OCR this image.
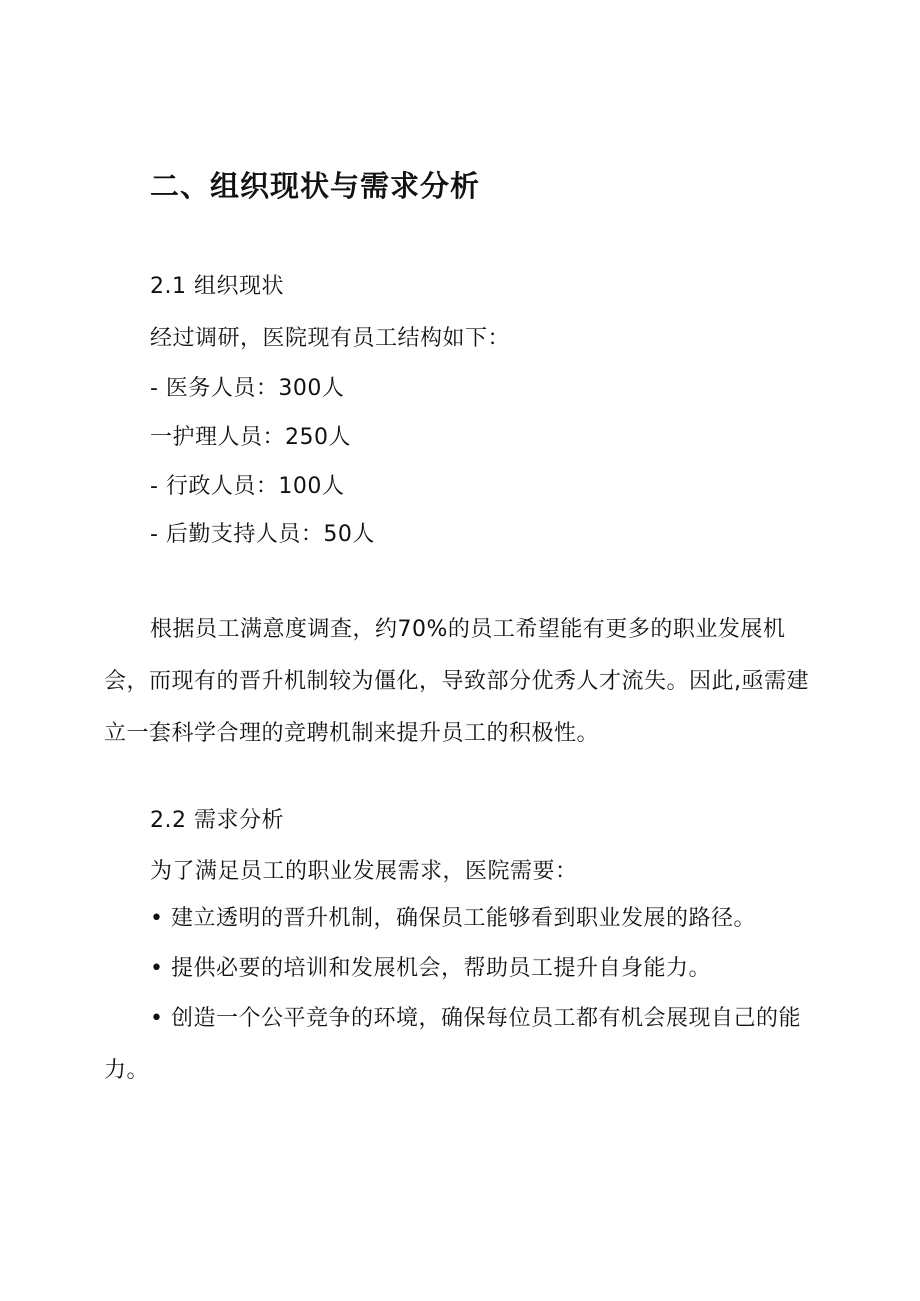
二、组织现状与需求分析
2.1 组织现状

经过调研，医院现有员工结构如下：

- 医务人员：300人

一护理人员：250人

- 行政人员：100人

- 后勤支持人员：50人

根据员工满意度调查，约70%的员工希望能有更多的职业发展机会，而现有的晋升机制较为僵化，导致部分优秀人才流失。因此,亟需建立一套科学合理的竞聘机制来提升员工的积极性。

2.2 需求分析

为了满足员工的职业发展需求，医院需要：

• 建立透明的晋升机制，确保员工能够看到职业发展的路径。

• 提供必要的培训和发展机会，帮助员工提升自身能力。

• 创造一个公平竞争的环境，确保每位员工都有机会展现自己的能力。
